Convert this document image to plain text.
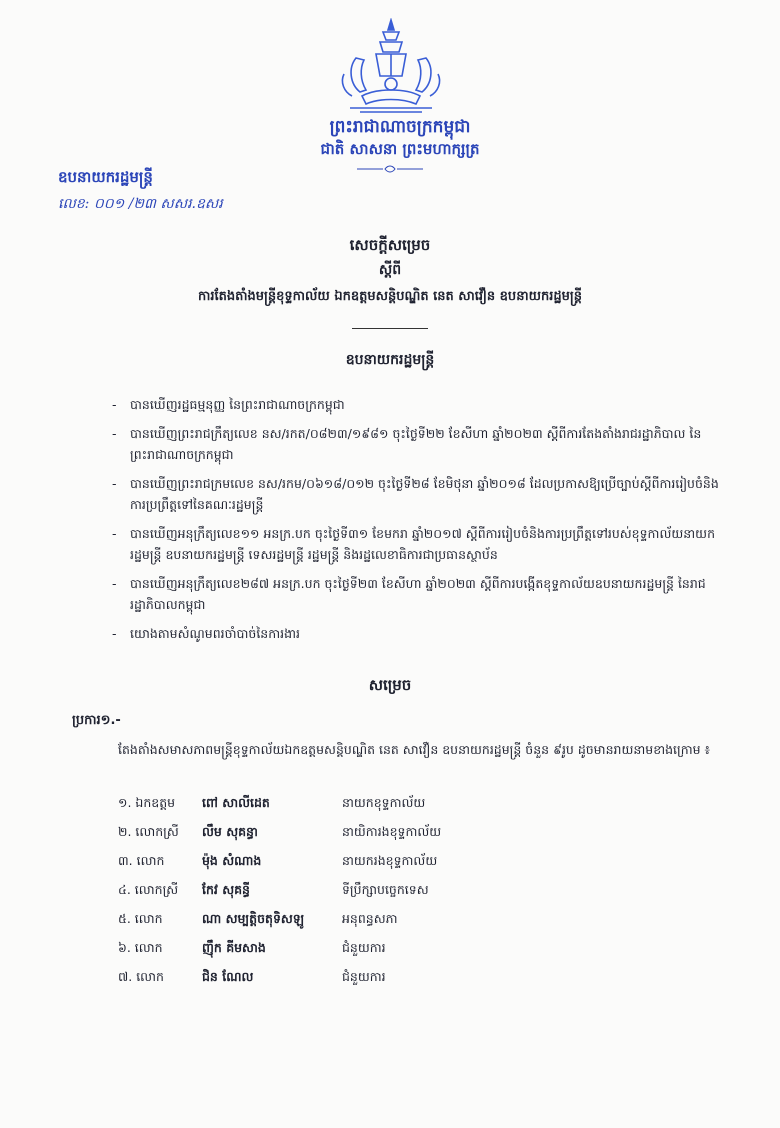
ព្រះរាជាណាចក្រកម្ពុជា
ជាតិ សាសនា ព្រះមហាក្សត្រ
ឧបនាយករដ្ឋមន្ត្រី
លេខ: ០០១ /២៣ សសរ.ឧសរ
សេចក្ដីសម្រេច
ស្ដីពី
ការតែងតាំងមន្ត្រីខុទ្ទកាល័យ ឯកឧត្ដមសន្តិបណ្ឌិត នេត សាវឿន ឧបនាយករដ្ឋមន្ត្រី
ឧបនាយករដ្ឋមន្ត្រី
- បានឃើញរដ្ឋធម្មនុញ្ញ នៃព្រះរាជាណាចក្រកម្ពុជា
- បានឃើញព្រះរាជក្រឹត្យលេខ នស/រកត/០៨២៣/១៩៨១ ចុះថ្ងៃទី២២ ខែសីហា ឆ្នាំ២០២៣ ស្ដីពីការតែងតាំងរាជរដ្ឋាភិបាល នៃព្រះរាជាណាចក្រកម្ពុជា
- បានឃើញព្រះរាជក្រមលេខ នស/រកម/០៦១៨/០១២ ចុះថ្ងៃទី២៨ ខែមិថុនា ឆ្នាំ២០១៨ ដែលប្រកាសឱ្យប្រើច្បាប់ស្ដីពីការរៀបចំនិងការប្រព្រឹត្តទៅនៃគណៈរដ្ឋមន្ត្រី
- បានឃើញអនុក្រឹត្យលេខ១១ អនក្រ.បក ចុះថ្ងៃទី៣១ ខែមករា ឆ្នាំ២០១៧ ស្ដីពីការរៀបចំនិងការប្រព្រឹត្តទៅរបស់ខុទ្ទកាល័យនាយករដ្ឋមន្ត្រី ឧបនាយករដ្ឋមន្ត្រី ទេសរដ្ឋមន្ត្រី រដ្ឋមន្ត្រី និងរដ្ឋលេខាធិការជាប្រធានស្ថាប័ន
- បានឃើញអនុក្រឹត្យលេខ២៨៧ អនក្រ.បក ចុះថ្ងៃទី២៣ ខែសីហា ឆ្នាំ២០២៣ ស្ដីពីការបង្កើតខុទ្ទកាល័យឧបនាយករដ្ឋមន្ត្រី នៃរាជរដ្ឋាភិបាលកម្ពុជា
- យោងតាមសំណូមពរចាំបាច់នៃការងារ
សម្រេច
ប្រការ១.-
តែងតាំងសមាសភាពមន្ត្រីខុទ្ទកាល័យឯកឧត្ដមសន្តិបណ្ឌិត នេត សាវឿន ឧបនាយករដ្ឋមន្ត្រី ចំនួន ៩រូប ដូចមានរាយនាមខាងក្រោម ៖
១. ឯកឧត្ដម	ពៅ សាលីដេត	នាយកខុទ្ទកាល័យ
២. លោកស្រី	លឹម សុគន្ធា	នាយិការងខុទ្ទកាល័យ
៣. លោក	ម៉ុង សំណាង	នាយករងខុទ្ទកាល័យ
៤. លោកស្រី	កែវ សុគន្ធី	ទីប្រឹក្សាបច្ចេកទេស
៥. លោក	ណា សម្បត្តិចតុទិសឡូ	អនុពន្ធសភា
៦. លោក	ញ៉ឹក គីមសាង	ជំនួយការ
៧. លោក	ជិន ណែល	ជំនួយការ
